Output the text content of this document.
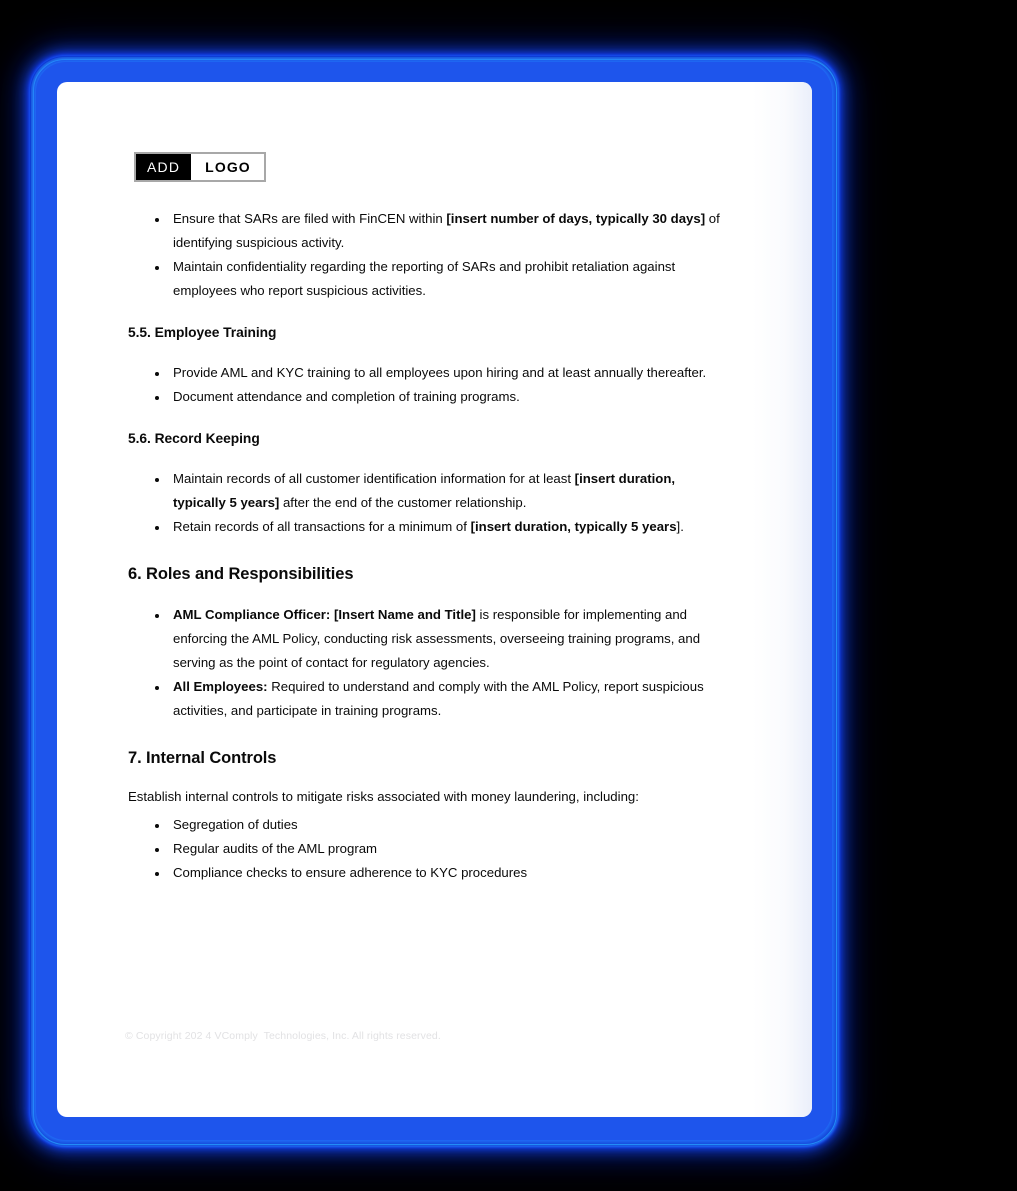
ADD	LOGO
Ensure that SARs are filed with FinCEN within [insert number of days, typically 30 days] of identifying suspicious activity.
Maintain confidentiality regarding the reporting of SARs and prohibit retaliation against employees who report suspicious activities.
5.5. Employee Training
Provide AML and KYC training to all employees upon hiring and at least annually thereafter.
Document attendance and completion of training programs.
5.6. Record Keeping
Maintain records of all customer identification information for at least [insert duration, typically 5 years] after the end of the customer relationship.
Retain records of all transactions for a minimum of [insert duration, typically 5 years].
6. Roles and Responsibilities
AML Compliance Officer: [Insert Name and Title] is responsible for implementing and enforcing the AML Policy, conducting risk assessments, overseeing training programs, and serving as the point of contact for regulatory agencies.
All Employees: Required to understand and comply with the AML Policy, report suspicious activities, and participate in training programs.
7. Internal Controls

Establish internal controls to mitigate risks associated with money laundering, including:

Segregation of duties
Regular audits of the AML program
Compliance checks to ensure adherence to KYC procedures
© Copyright 202 4 VComply  Technologies, Inc. All rights reserved.
